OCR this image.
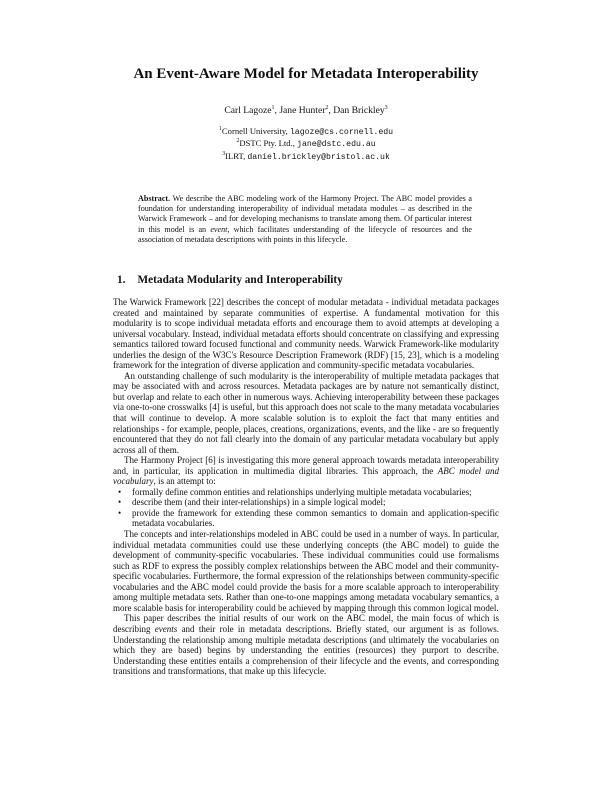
An Event-Aware Model for Metadata Interoperability
Carl Lagoze$^1$, Jane Hunter$^2$, Dan Brickley$^3$
$^1$Cornell University, lagoze@cs.cornell.edu
$^2$DSTC Pty. Ltd., jane@dstc.edu.au
$^3$ILRT, daniel.brickley@bristol.ac.uk
Abstract. We describe the ABC modeling work of the Harmony Project. The ABC model provides a foundation for understanding interoperability of individual metadata modules – as described in the Warwick Framework – and for developing mechanisms to translate among them. Of particular interest in this model is an event, which facilitates understanding of the lifecycle of resources and the association of metadata descriptions with points in this lifecycle.
1. Metadata Modularity and Interoperability

The Warwick Framework [22] describes the concept of modular metadata - individual metadata packages created and maintained by separate communities of expertise. A fundamental motivation for this modularity is to scope individual metadata efforts and encourage them to avoid attempts at developing a universal vocabulary. Instead, individual metadata efforts should concentrate on classifying and expressing semantics tailored toward focused functional and community needs. Warwick Framework-like modularity underlies the design of the W3C's Resource Description Framework (RDF) [15, 23], which is a modeling framework for the integration of diverse application and community-specific metadata vocabularies.

An outstanding challenge of such modularity is the interoperability of multiple metadata packages that may be associated with and across resources. Metadata packages are by nature not semantically distinct, but overlap and relate to each other in numerous ways. Achieving interoperability between these packages via one-to-one crosswalks [4] is useful, but this approach does not scale to the many metadata vocabularies that will continue to develop. A more scalable solution is to exploit the fact that many entities and relationships - for example, people, places, creations, organizations, events, and the like - are so frequently encountered that they do not fall clearly into the domain of any particular metadata vocabulary but apply across all of them.

The Harmony Project [6] is investigating this more general approach towards metadata interoperability and, in particular, its application in multimedia digital libraries. This approach, the ABC model and vocabulary, is an attempt to:

• formally define common entities and relationships underlying multiple metadata vocabularies;
• describe them (and their inter-relationships) in a simple logical model;
• provide the framework for extending these common semantics to domain and application-specific metadata vocabularies.

The concepts and inter-relationships modeled in ABC could be used in a number of ways. In particular, individual metadata communities could use these underlying concepts (the ABC model) to guide the development of community-specific vocabularies. These individual communities could use formalisms such as RDF to express the possibly complex relationships between the ABC model and their community-specific vocabularies. Furthermore, the formal expression of the relationships between community-specific vocabularies and the ABC model could provide the basis for a more scalable approach to interoperability among multiple metadata sets. Rather than one-to-one mappings among metadata vocabulary semantics, a more scalable basis for interoperability could be achieved by mapping through this common logical model.

This paper describes the initial results of our work on the ABC model, the main focus of which is describing events and their role in metadata descriptions. Briefly stated, our argument is as follows. Understanding the relationship among multiple metadata descriptions (and ultimately the vocabularies on which they are based) begins by understanding the entities (resources) they purport to describe. Understanding these entities entails a comprehension of their lifecycle and the events, and corresponding transitions and transformations, that make up this lifecycle.
